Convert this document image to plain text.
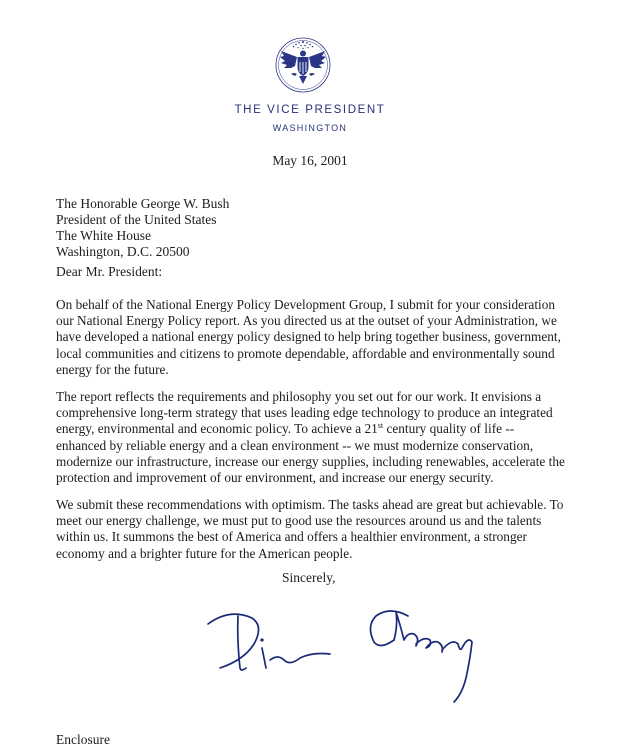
THE VICE PRESIDENT
WASHINGTON
May 16, 2001
The Honorable George W. Bush
President of the United States
The White House
Washington, D.C. 20500
Dear Mr. President:
On behalf of the National Energy Policy Development Group, I submit for your consideration
our National Energy Policy report. As you directed us at the outset of your Administration, we
have developed a national energy policy designed to help bring together business, government,
local communities and citizens to promote dependable, affordable and environmentally sound
energy for the future.
The report reflects the requirements and philosophy you set out for our work. It envisions a
comprehensive long-term strategy that uses leading edge technology to produce an integrated
energy, environmental and economic policy. To achieve a 21st century quality of life --
enhanced by reliable energy and a clean environment -- we must modernize conservation,
modernize our infrastructure, increase our energy supplies, including renewables, accelerate the
protection and improvement of our environment, and increase our energy security.
We submit these recommendations with optimism. The tasks ahead are great but achievable. To
meet our energy challenge, we must put to good use the resources around us and the talents
within us. It summons the best of America and offers a healthier environment, a stronger
economy and a brighter future for the American people.
Sincerely,
Enclosure
